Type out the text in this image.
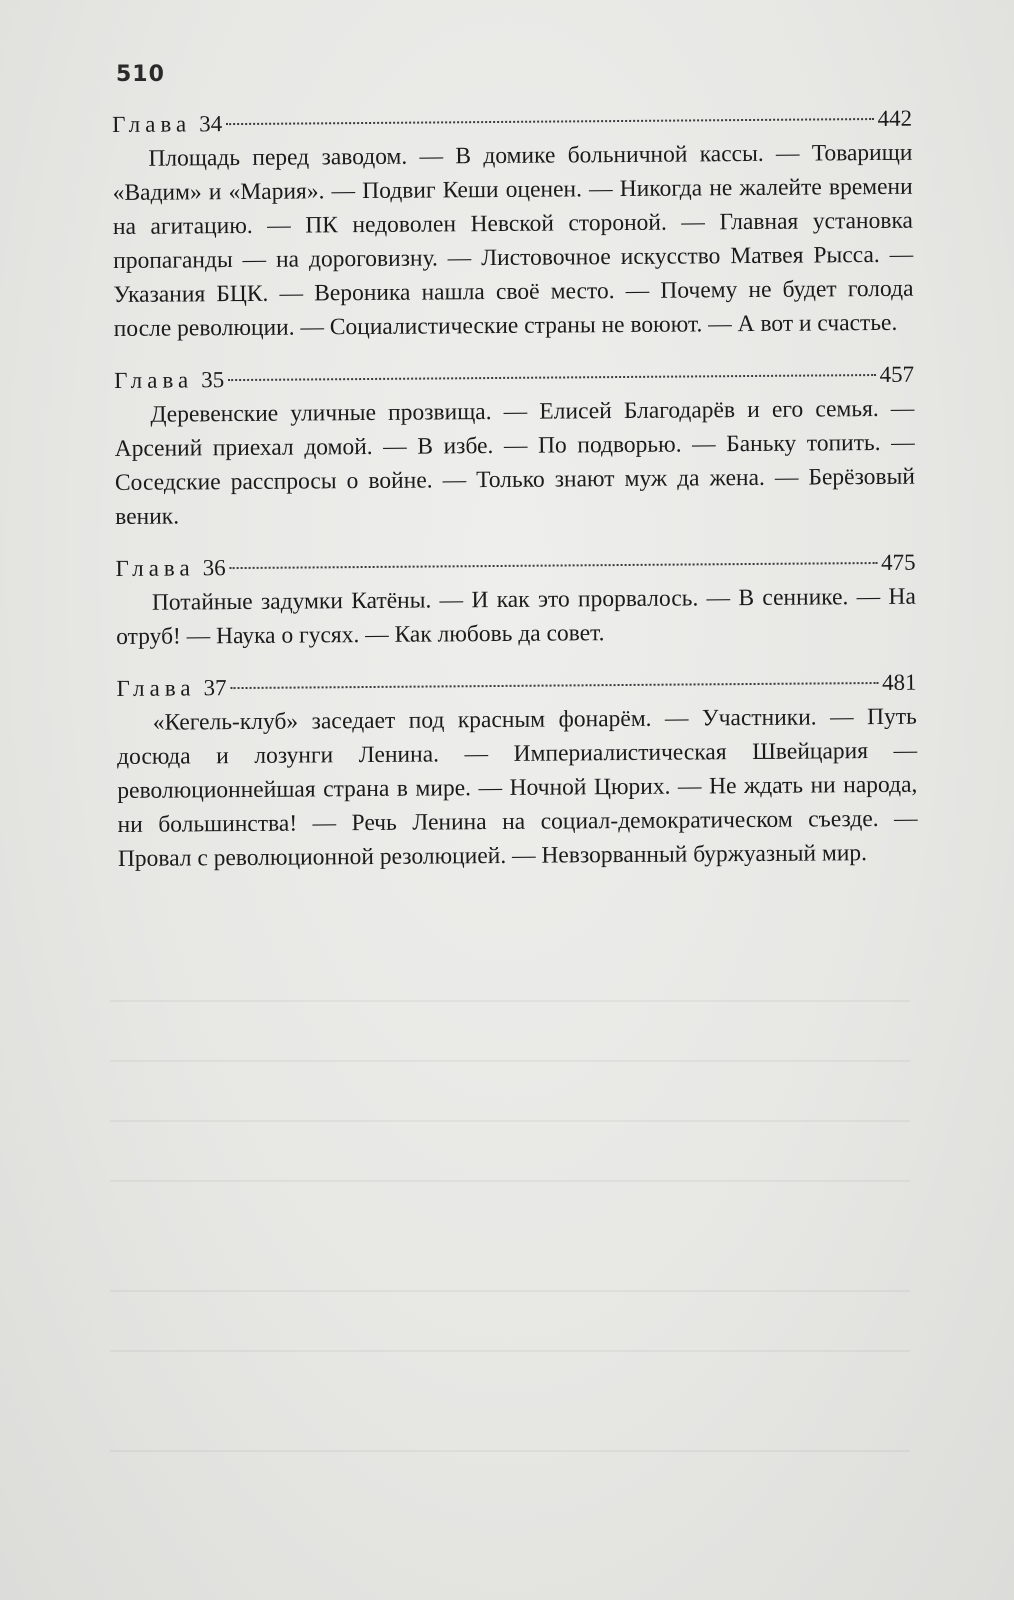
510
Глава 34	442

Площадь перед заводом. — В домике больничной кассы. — Товарищи «Вадим» и «Мария». — Подвиг Кеши оценен. — Никогда не жалейте времени на агитацию. — ПК недоволен Невской стороной. — Главная установка пропаганды — на дороговизну. — Листовочное искусство Матвея Рысса. — Указания БЦК. — Вероника нашла своё место. — Почему не будет голода после революции. — Социалистические страны не воюют. — А вот и счастье.

Глава 35	457

Деревенские уличные прозвища. — Елисей Благодарёв и его семья. — Арсений приехал домой. — В избе. — По подворью. — Баньку топить. — Соседские расспросы о войне. — Только знают муж да жена. — Берёзовый веник.

Глава 36	475

Потайные задумки Катёны. — И как это прорвалось. — В сеннике. — На отруб! — Наука о гусях. — Как любовь да совет.

Глава 37	481

«Кегель-клуб» заседает под красным фонарём. — Участники. — Путь досюда и лозунги Ленина. — Империалистическая Швейцария — революционнейшая страна в мире. — Ночной Цюрих. — Не ждать ни народа, ни большинства! — Речь Ленина на социал-демократическом съезде. — Провал с революционной резолюцией. — Невзорванный буржуазный мир.
